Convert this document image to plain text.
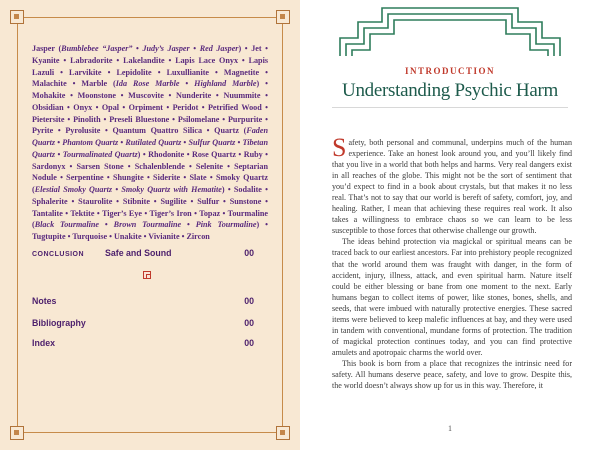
Jasper (Bumblebee “Jasper” • Judy’s Jasper • Red Jasper) • Jet • Kyanite • Labradorite • Lakelandite • Lapis Lace Onyx • Lapis Lazuli • Larvikite • Lepidolite • Luxullianite • Magnetite • Malachite • Marble (Ida Rose Marble • Highland Marble) • Mohakite • Moonstone • Muscovite • Nunderite • Nuummite • Obsidian • Onyx • Opal • Orpiment • Peridot • Petrified Wood • Pietersite • Pinolith • Preseli Bluestone • Psilomelane • Purpurite • Pyrite • Pyrolusite • Quantum Quattro Silica • Quartz (Faden Quartz • Phantom Quartz • Rutilated Quartz • Sulfur Quartz • Tibetan Quartz • Tourmalinated Quartz) • Rhodonite • Rose Quartz • Ruby • Sardonyx • Sarsen Stone • Schalenblende • Selenite • Septarian Nodule • Serpentine • Shungite • Siderite • Slate • Smoky Quartz (Elestial Smoky Quartz • Smoky Quartz with Hematite) • Sodalite • Sphalerite • Staurolite • Stibnite • Sugilite • Sulfur • Sunstone • Tantalite • Tektite • Tiger’s Eye • Tiger’s Iron • Topaz • Tourmaline (Black Tourmaline • Brown Tourmaline • Pink Tourmaline) • Tugtupite • Turquoise • Unakite • Vivianite • Zircon
CONCLUSION	Safe and Sound	00
Notes	00
Bibliography	00
Index	00
INTRODUCTION
Understanding Psychic Harm

Safety, both personal and communal, underpins much of the human experience. Take an honest look around you, and you’ll likely find that you live in a world that both helps and harms. Very real dangers exist in all reaches of the globe. This might not be the sort of sentiment that you’d expect to find in a book about crystals, but that makes it no less real. That’s not to say that our world is bereft of safety, comfort, joy, and healing. Rather, I mean that achieving these requires real work. It also takes a willingness to embrace chaos so we can learn to be less susceptible to those forces that otherwise challenge our growth.

The ideas behind protection via magickal or spiritual means can be traced back to our earliest ancestors. Far into prehistory people recognized that the world around them was fraught with danger, in the form of accident, injury, illness, attack, and even spiritual harm. Nature itself could be either blessing or bane from one moment to the next. Early humans began to collect items of power, like stones, bones, shells, and seeds, that were imbued with naturally protective energies. These sacred items were believed to keep malefic influences at bay, and they were used in tandem with conventional, mundane forms of protection. The tradition of magickal protection continues today, and you can find protective amulets and apotropaic charms the world over.

This book is born from a place that recognizes the intrinsic need for safety. All humans deserve peace, safety, and love to grow. Despite this, the world doesn’t always show up for us in this way. Therefore, it

1
